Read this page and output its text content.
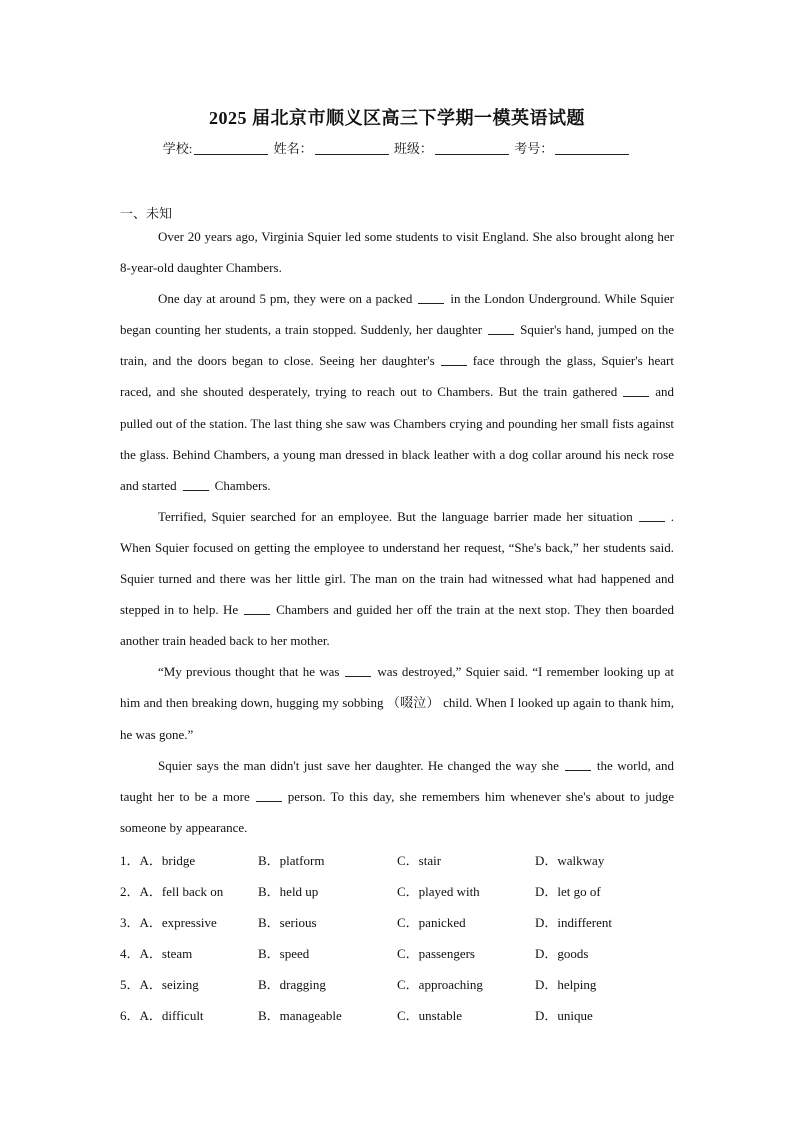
2025 届北京市顺义区高三下学期一模英语试题
学校:	姓名：	班级：	考号：
一、未知

Over 20 years ago, Virginia Squier led some students to visit England. She also brought along her 8-year-old daughter Chambers.

One day at around 5 pm, they were on a packed	in the London Underground. While Squier began counting her students, a train stopped. Suddenly, her daughter	Squier's hand, jumped on the train, and the doors began to close. Seeing her daughter's	face through the glass, Squier's heart raced, and she shouted desperately, trying to reach out to Chambers. But the train gathered	and pulled out of the station. The last thing she saw was Chambers crying and pounding her small fists against the glass. Behind Chambers, a young man dressed in black leather with a dog collar around his neck rose and started	Chambers.

Terrified, Squier searched for an employee. But the language barrier made her situation	. When Squier focused on getting the employee to understand her request, “She's back,” her students said. Squier turned and there was her little girl. The man on the train had witnessed what had happened and stepped in to help. He	Chambers and guided her off the train at the next stop. They then boarded another train headed back to her mother.

“My previous thought that he was	was destroyed,” Squier said. “I remember looking up at him and then breaking down, hugging my sobbing （啜泣） child. When I looked up again to thank him, he was gone.”

Squier says the man didn't just save her daughter. He changed the way she	the world, and taught her to be a more	person. To this day, she remembers him whenever she's about to judge someone by appearance.

1．A．bridge	B．platform	C．stair	D．walkway
2．A．fell back on	B．held up	C．played with	D．let go of
3．A．expressive	B．serious	C．panicked	D．indifferent
4．A．steam	B．speed	C．passengers	D．goods
5．A．seizing	B．dragging	C．approaching	D．helping
6．A．difficult	B．manageable	C．unstable	D．unique
